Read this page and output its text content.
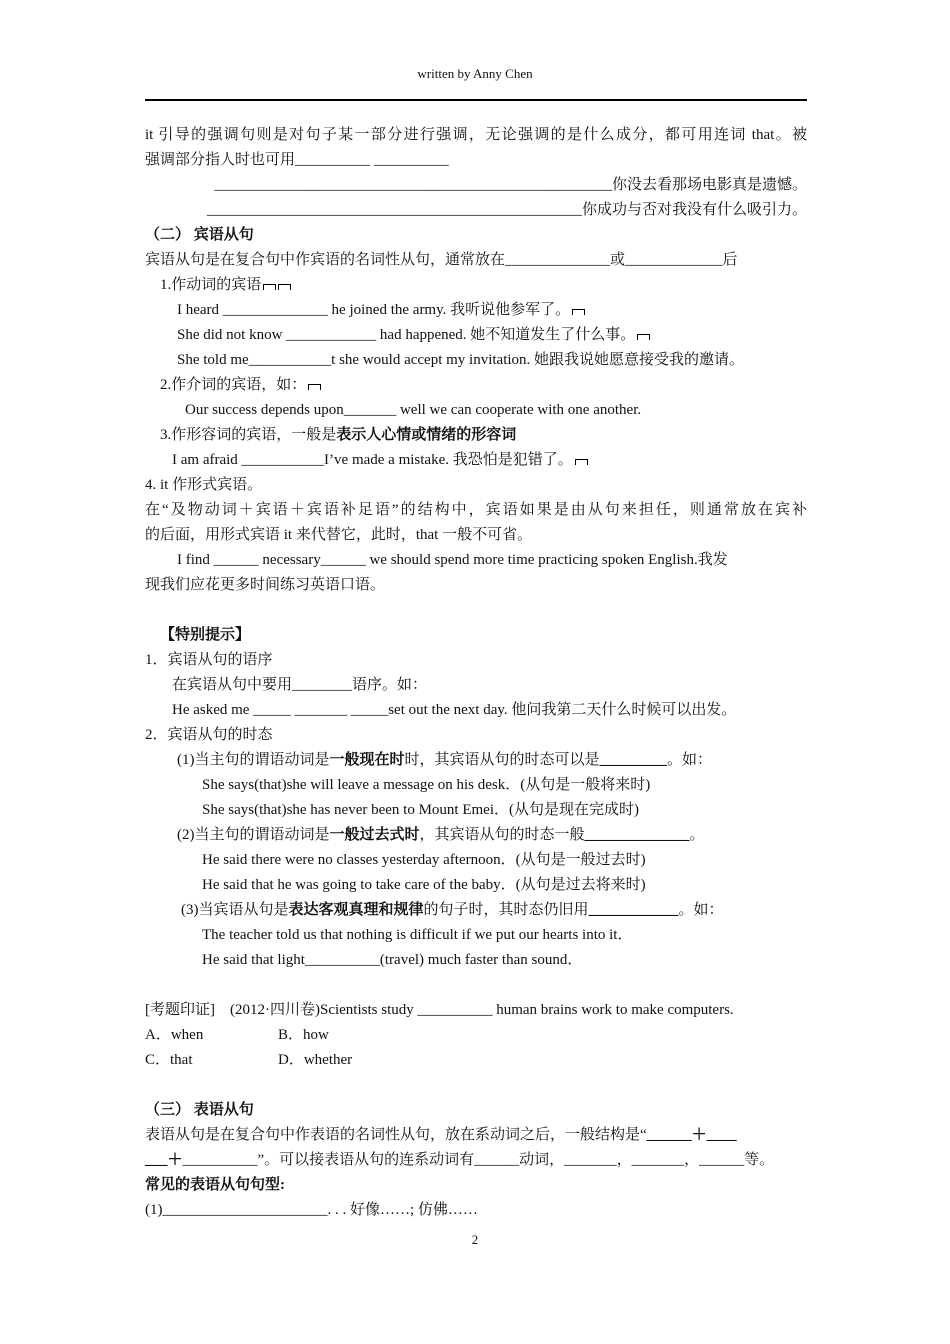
written by Anny Chen
it 引导的强调句则是对句子某一部分进行强调，无论强调的是什么成分，都可用连词 that。被
强调部分指人时也可用__________ __________
_____________________________________________________你没去看那场电影真是遗憾。
__________________________________________________你成功与否对我没有什么吸引力。
（二） 宾语从句
宾语从句是在复合句中作宾语的名词性从句，通常放在______________或_____________后
1.作动词的宾语
I heard ______________ he joined the army. 我听说他参军了。
She did not know ____________ had happened. 她不知道发生了什么事。
She told me___________t she would accept my invitation. 她跟我说她愿意接受我的邀请。
2.作介词的宾语，如：
Our success depends upon_______ well we can cooperate with one another.
3.作形容词的宾语，一般是表示人心情或情绪的形容词
I am afraid ___________I’ve made a mistake. 我恐怕是犯错了。
4. it 作形式宾语。
在“及物动词＋宾语＋宾语补足语”的结构中，宾语如果是由从句来担任，则通常放在宾补
的后面，用形式宾语 it 来代替它，此时，that 一般不可省。
I find ______ necessary______ we should spend more time practicing spoken English.我发
现我们应花更多时间练习英语口语。
【特别提示】
1．宾语从句的语序
在宾语从句中要用________语序。如：
He asked me _____ _______ _____set out the next day. 他问我第二天什么时候可以出发。
2．宾语从句的时态
(1)当主句的谓语动词是一般现在时时，其宾语从句的时态可以是_________。如：
She says(that)she will leave a message on his desk．(从句是一般将来时)
She says(that)she has never been to Mount Emei．(从句是现在完成时)
(2)当主句的谓语动词是一般过去式时，其宾语从句的时态一般______________。
He said there were no classes yesterday afternoon．(从句是一般过去时)
He said that he was going to take care of the baby．(从句是过去将来时)
(3)当宾语从句是表达客观真理和规律的句子时，其时态仍旧用____________。如：
The teacher told us that nothing is difficult if we put our hearts into it．
He said that light__________(travel) much faster than sound．
[考题印证]　(2012·四川卷)Scientists study __________ human brains work to make computers.
A．when	B．how
C．that	D．whether
（三） 表语从句
表语从句是在复合句中作表语的名词性从句，放在系动词之后，一般结构是“______＋____
___＋__________”。可以接表语从句的连系动词有______动词，_______，_______，______等。
常见的表语从句句型:
(1)______________________. . . 好像……; 仿佛……
2
